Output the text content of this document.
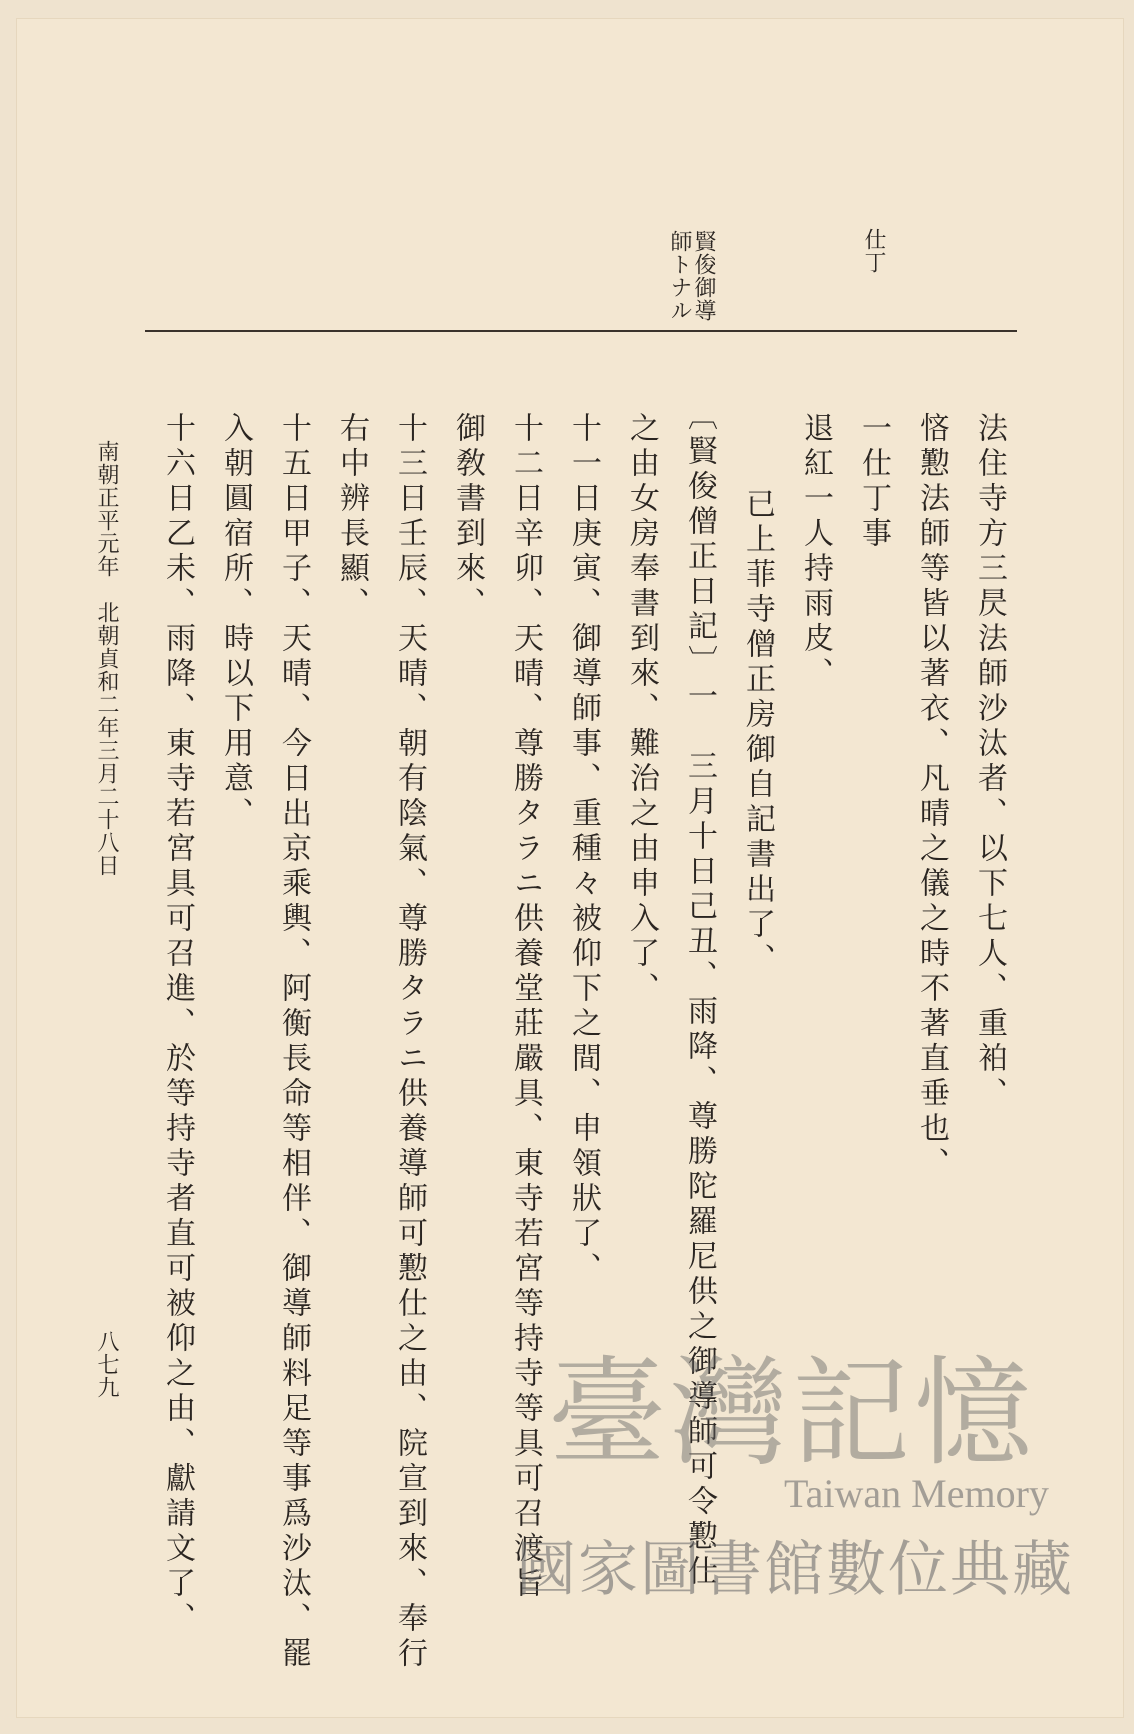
仕丁
賢俊御導
師トナル
法住寺方三昃法師沙汰者、以下七人、重袙、
悋懃法師等皆以著衣、凡晴之儀之時不著直垂也、
一仕丁事
退紅一人持雨皮、
已上菲寺僧正房御自記書出了、
〔賢俊僧正日記〕一　三月十日己丑、雨降、尊勝陀羅尼供之御導師可令懃仕
之由女房奉書到來、難治之由申入了、
十一日庚寅、御導師事、重種々被仰下之間、申領狀了、
十二日辛卯、天晴、尊勝タラニ供養堂莊嚴具、東寺若宮等持寺等具可召渡旨
御敎書到來、
十三日壬辰、天晴、朝有陰氣、尊勝タラニ供養導師可懃仕之由、院宣到來、奉行
右中辨長顯、
十五日甲子、天晴、今日出京乘輿、阿衡長命等相伴、御導師料足等事爲沙汰、罷
入朝圓宿所、時以下用意、
十六日乙未、雨降、東寺若宮具可召進、於等持寺者直可被仰之由、獻請文了、
南朝正平元年　北朝貞和二年三月二十八日
八七九	臺灣記憶
Taiwan Memory
國家圖書館數位典藏
